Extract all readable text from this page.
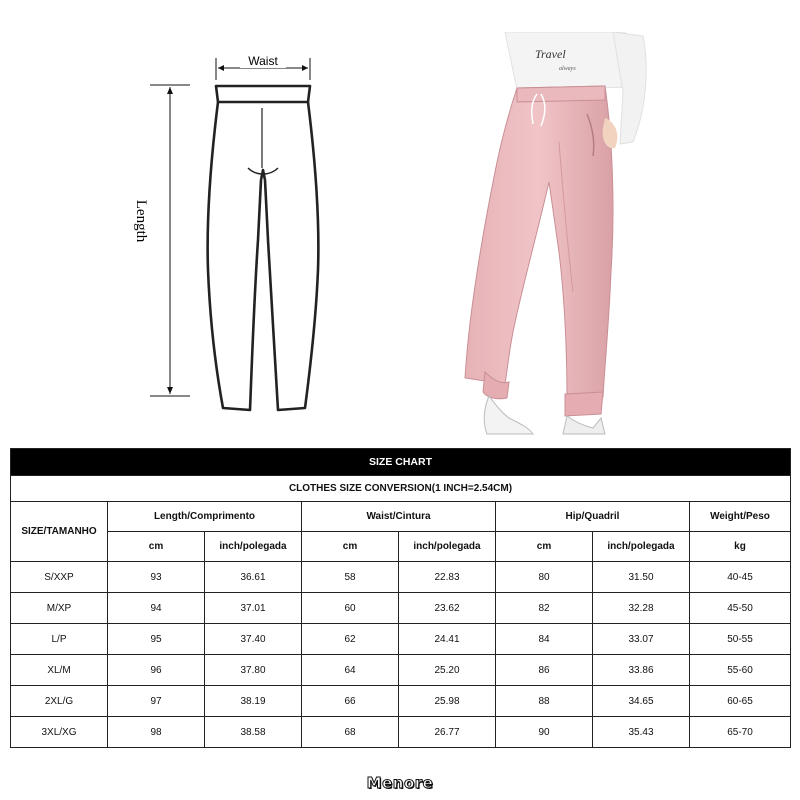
Waist
Length
Travel
always
SIZE CHART							
CLOTHES SIZE CONVERSION(1 INCH=2.54CM)							
SIZE/TAMANHO	Length/Comprimento		Waist/Cintura		Hip/Quadril		Weight/Peso
	cm	inch/polegada	cm	inch/polegada	cm	inch/polegada	kg
S/XXP	93	36.61	58	22.83	80	31.50	40-45
M/XP	94	37.01	60	23.62	82	32.28	45-50
L/P	95	37.40	62	24.41	84	33.07	50-55
XL/M	96	37.80	64	25.20	86	33.86	55-60
2XL/G	97	38.19	66	25.98	88	34.65	60-65
3XL/XG	98	38.58	68	26.77	90	35.43	65-70
Menore
